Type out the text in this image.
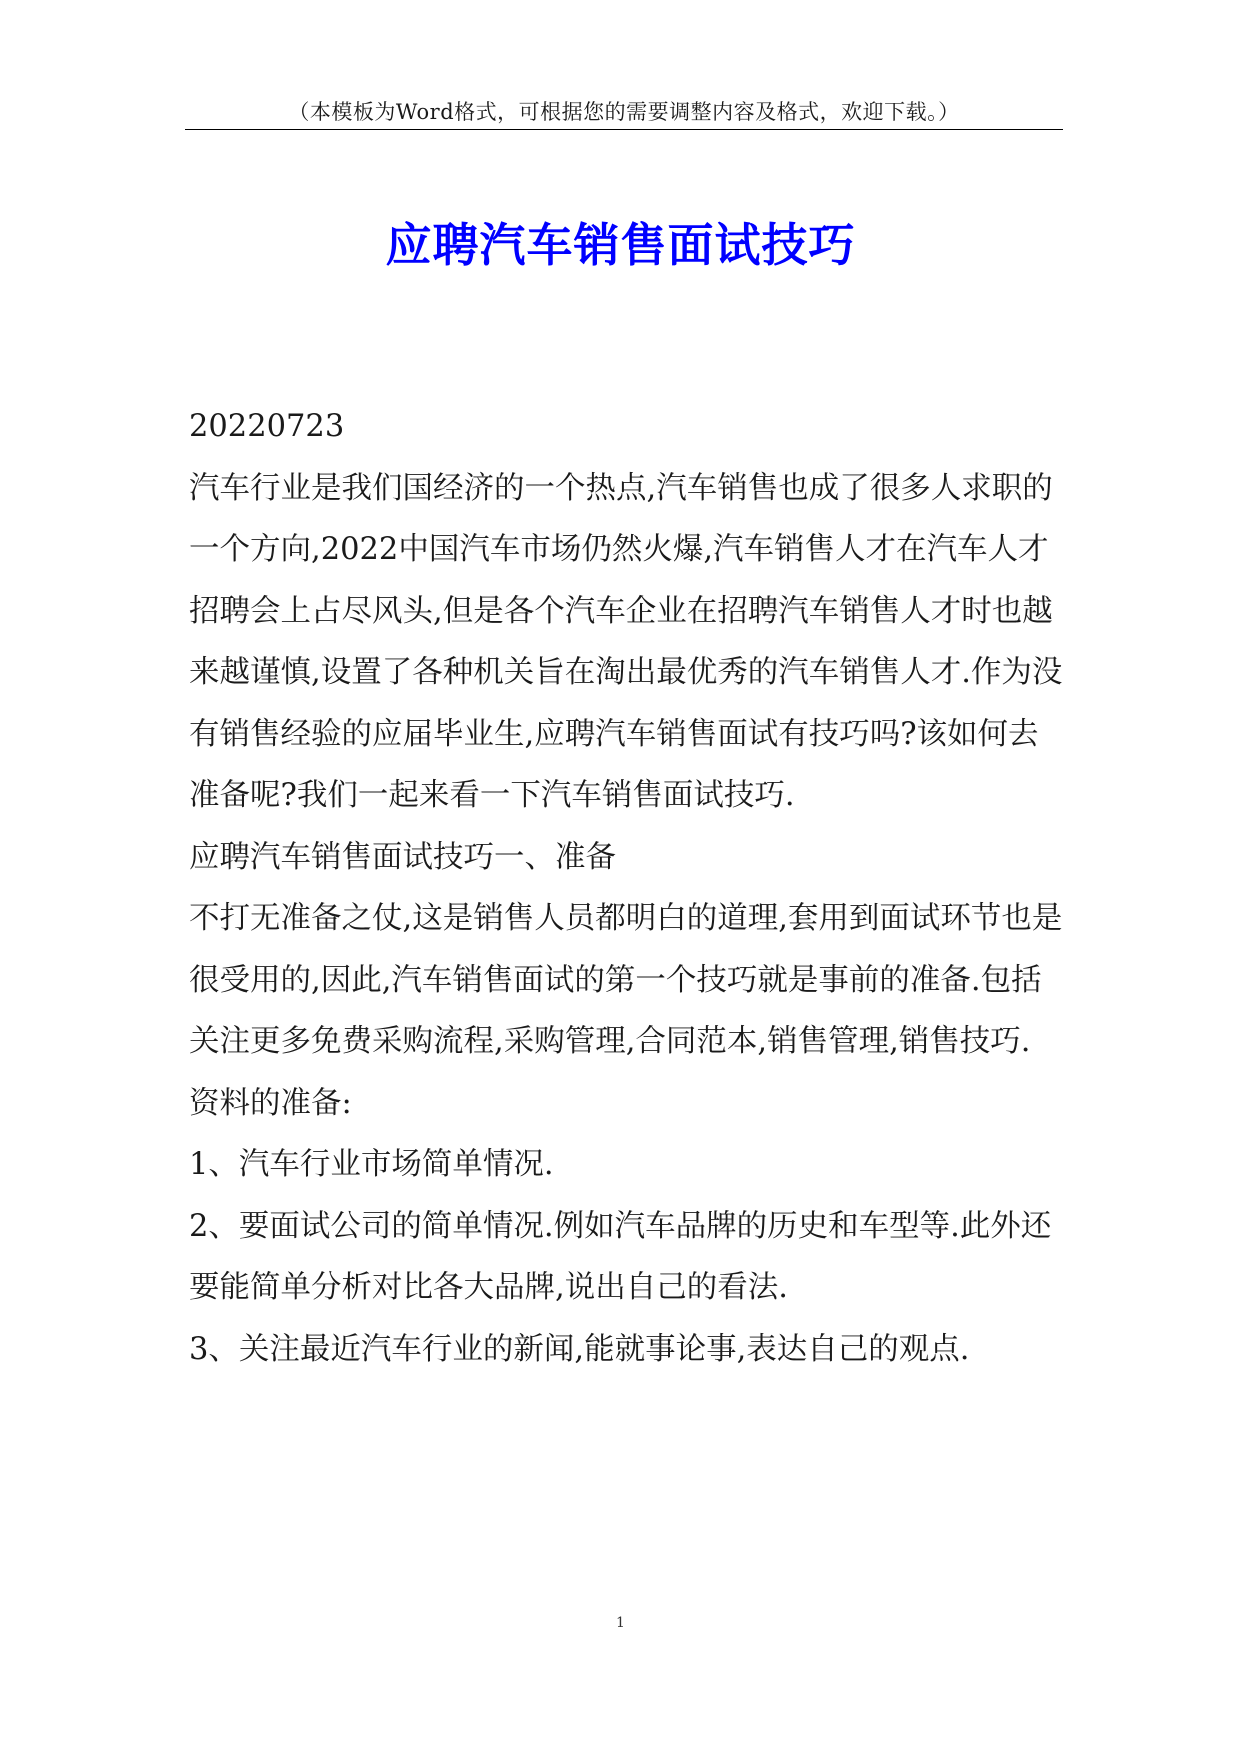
（本模板为Word格式，可根据您的需要调整内容及格式，欢迎下载。）
应聘汽车销售面试技巧

20220723

汽车行业是我们国经济的一个热点,汽车销售也成了很多人求职的一个方向,2022中国汽车市场仍然火爆,汽车销售人才在汽车人才招聘会上占尽风头,但是各个汽车企业在招聘汽车销售人才时也越来越谨慎,设置了各种机关旨在淘出最优秀的汽车销售人才.作为没有销售经验的应届毕业生,应聘汽车销售面试有技巧吗?该如何去准备呢?我们一起来看一下汽车销售面试技巧.

应聘汽车销售面试技巧一、准备

不打无准备之仗,这是销售人员都明白的道理,套用到面试环节也是很受用的,因此,汽车销售面试的第一个技巧就是事前的准备.包括关注更多免费采购流程,采购管理,合同范本,销售管理,销售技巧.

资料的准备:

1、汽车行业市场简单情况.

2、要面试公司的简单情况.例如汽车品牌的历史和车型等.此外还要能简单分析对比各大品牌,说出自己的看法.

3、关注最近汽车行业的新闻,能就事论事,表达自己的观点.

1
